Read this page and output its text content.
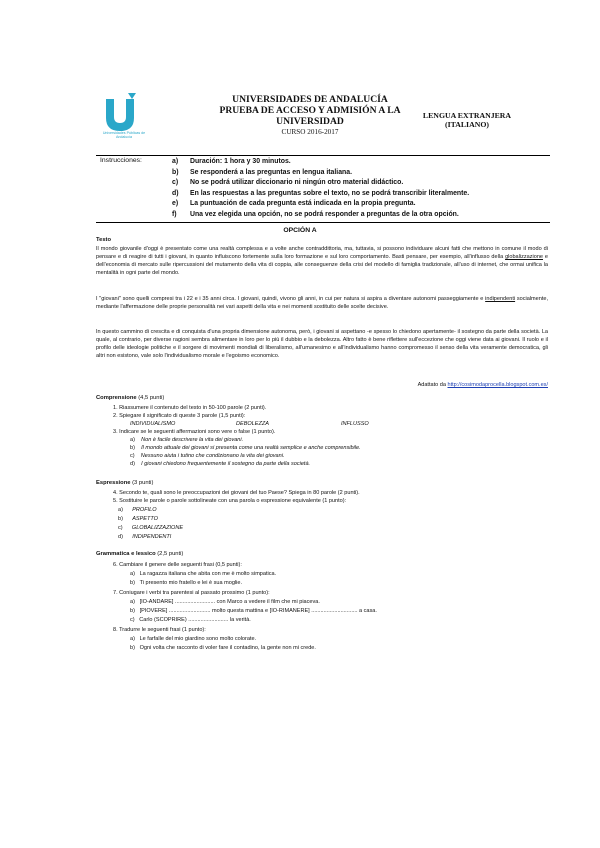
Universidades Públicas de Andalucía
UNIVERSIDADES DE ANDALUCÍA
PRUEBA DE ACCESO Y ADMISIÓN A LA
UNIVERSIDAD
CURSO 2016-2017
LENGUA EXTRANJERA
(ITALIANO)
Instrucciones:	a) Duración: 1 hora y 30 minutos.
b) Se responderá a las preguntas en lengua italiana.
c) No se podrá utilizar diccionario ni ningún otro material didáctico.
d) En las respuestas a las preguntas sobre el texto, no se podrá transcribir literalmente.
e) La puntuación de cada pregunta está indicada en la propia pregunta.
f) Una vez elegida una opción, no se podrá responder a preguntas de la otra opción.
OPCIÓN A
Testo
Il mondo giovanile d'oggi è presentato come una realtà complessa e a volte anche contraddittoria, ma, tuttavia, si possono individuare alcuni fatti che mettono in comune il modo di pensare e di reagire di tutti i giovani, in quanto influiscono fortemente sulla loro formazione e sul loro comportamento. Basti pensare, per esempio, all'influsso della globalizzazione e dell'economia di mercato sulle ripercussioni del mutamento della vita di coppia, alle conseguenze della crisi del modello di famiglia tradizionale, all'uso di internet, che ormai unifica la mentalità in ogni parte del mondo.
I "giovani" sono quelli compresi tra i 22 e i 35 anni circa. I giovani, quindi, vivono gli anni, in cui per natura si aspira a diventare autonomi passeggiamente e indipendenti socialmente, mediante l'affermazione delle proprie personalità nei vari aspetti della vita e nei momenti sostituito delle scelte decisive.
In questo cammino di crescita e di conquista d'una propria dimensione autonoma, però, i giovani si aspettano -e spesso lo chiedono apertamente- il sostegno da parte della società. La quale, al contrario, per diverse ragioni sembra alimentare in loro per lo più il dubbio e la debolezza. Altro fatto è bene riflettere sull'eccezione che oggi viene data ai giovani. Il ruolo e il profilo delle ideologie politiche e il sorgere di movimenti mondiali di liberalismo, all'umanesimo e all'individualismo hanno compromesso il senso della vita veramente democratica, gli altri non esistono, vale solo l'individualismo morale e l'egoismo economico.
Adattato da http://cosimodaprocella.blogspot.com.es/
Comprensione (4,5 punti)
1. Riassumere il contenuto del testo in 50-100 parole (2 punti).
2. Spiegare il significato di queste 3 parole (1,5 punti):
INDIVIDUALISMO	DEBOLEZZA	INFLUSSO
3. Indicare se le seguenti affermazioni sono vere o false (1 punto).
a) Non è facile descrivere la vita dei giovani.
b) Il mondo attuale dei giovani si presenta come una realtà semplice e anche comprensibile.
c) Nessuno aiuta i tutino che condizionano la vita dei giovani.
d) I giovani chiedono frequentemente il sostegno da parte della società.
Espressione (3 punti)
4. Secondo te, quali sono le preoccupazioni dei giovani del tuo Paese? Spiega in 80 parole (2 punti).
5. Sostituire le parole o parole sottolineate con una parola o espressione equivalente (1 punto):
a) PROFILO
b) ASPETTO
c) GLOBALIZZAZIONE
d) INDIPENDENTI
Grammatica e lessico (2,5 punti)
6. Cambiare il genere delle seguenti frasi (0,5 punti):
a) La ragazza italiana che abita con me è molto simpatica.
b) Ti presento mio fratello e lei è sua moglie.
7. Coniugare i verbi tra parentesi al passato prossimo (1 punto):
a) [IO-ANDARE] .......................... con Marco a vedere il film che mi piaceva.
b) [PIOVERE] ........................... molto questa mattina e [IO-RIMANERE] .............................. a casa.
c) Carlo (SCOPRIRE) .......................... la verità.
8. Tradurre le seguenti frasi (1 punto):
a) Le farfalle del mio giardino sono molto colorate.
b) Ogni volta che racconto di voler fare il contadino, la gente non mi crede.
